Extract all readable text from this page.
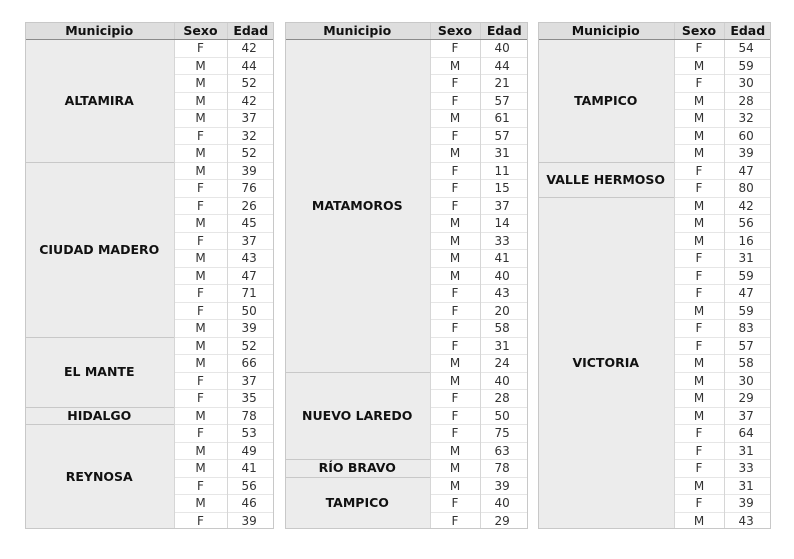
Municipio	Sexo	Edad
ALTAMIRA	F	42
	M	44
	M	52
	M	42
	M	37
	F	32
	M	52
CIUDAD MADERO	M	39
	F	76
	F	26
	M	45
	F	37
	M	43
	M	47
	F	71
	F	50
	M	39
EL MANTE	M	52
	M	66
	F	37
	F	35
HIDALGO	M	78
REYNOSA	F	53
	M	49
	M	41
	F	56
	M	46
	F	39
Municipio	Sexo	Edad
MATAMOROS	F	40
	M	44
	F	21
	F	57
	M	61
	F	57
	M	31
	F	11
	F	15
	F	37
	M	14
	M	33
	M	41
	M	40
	F	43
	F	20
	F	58
	F	31
	M	24
NUEVO LAREDO	M	40
	F	28
	F	50
	F	75
	M	63
RÍO BRAVO	M	78
TAMPICO	M	39
	F	40
	F	29
Municipio	Sexo	Edad
TAMPICO	F	54
	M	59
	F	30
	M	28
	M	32
	M	60
	M	39
VALLE HERMOSO	F	47
	F	80
VICTORIA	M	42
	M	56
	M	16
	F	31
	F	59
	F	47
	M	59
	F	83
	F	57
	M	58
	M	30
	M	29
	M	37
	F	64
	F	31
	F	33
	M	31
	F	39
	M	43
